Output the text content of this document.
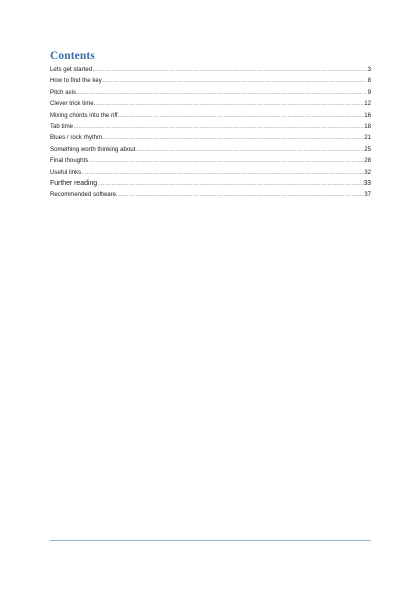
Contents
Lets get started .....	3
How to find the key .....	8
Pitch axis .....	9
Clever trick time. .....	12
Mixing chords into the riff. .....	16
Tab time .....	18
Blues / rock rhythm. .....	21
Something worth thinking about. .....	25
Final thoughts .....	28
Useful links .....	32
Further reading .....	33
Recommended software. .....	37
